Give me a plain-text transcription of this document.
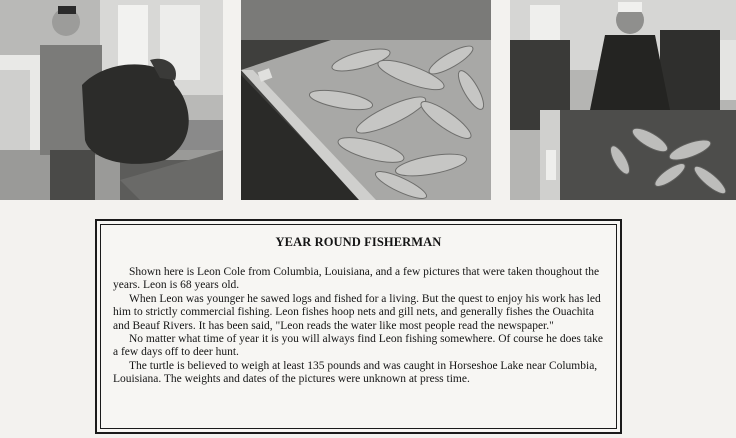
YEAR ROUND FISHERMAN

Shown here is Leon Cole from Columbia, Louisiana, and a few pictures that were taken thoughout the years. Leon is 68 years old.

When Leon was younger he sawed logs and fished for a living. But the quest to enjoy his work has led him to strictly commercial fishing. Leon fishes hoop nets and gill nets, and generally fishes the Ouachita and Beauf Rivers. It has been said, "Leon reads the water like most people read the newspaper."

No matter what time of year it is you will always find Leon fishing somewhere. Of course he does take a few days off to deer hunt.

The turtle is believed to weigh at least 135 pounds and was caught in Horseshoe Lake near Columbia, Louisiana. The weights and dates of the pictures were unknown at press time.
